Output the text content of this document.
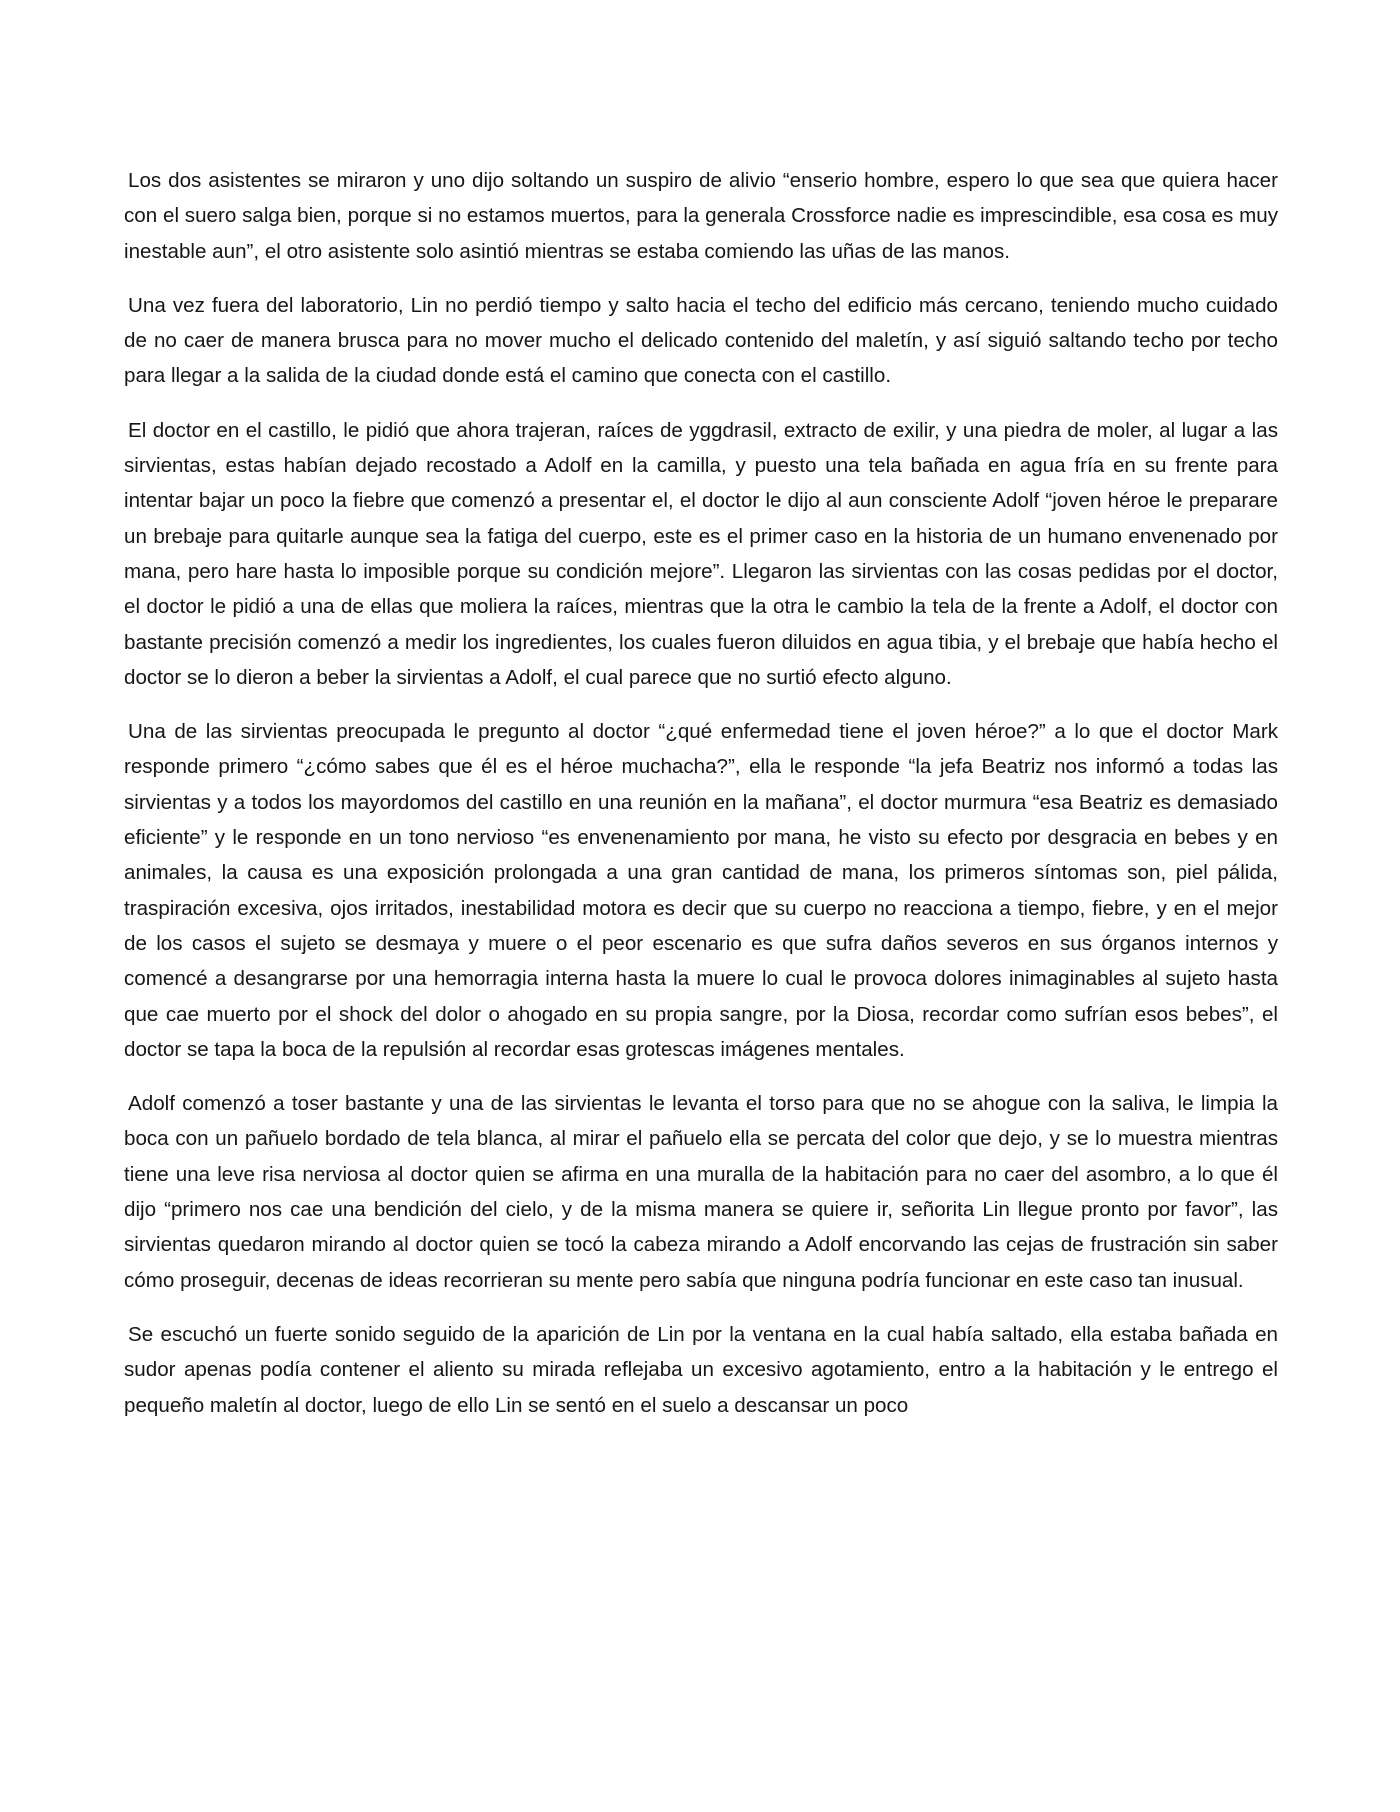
Los dos asistentes se miraron y uno dijo soltando un suspiro de alivio “enserio hombre, espero lo que sea que quiera hacer con el suero salga bien, porque si no estamos muertos, para la generala Crossforce nadie es imprescindible, esa cosa es muy inestable aun”, el otro asistente solo asintió mientras se estaba comiendo las uñas de las manos.

Una vez fuera del laboratorio, Lin no perdió tiempo y salto hacia el techo del edificio más cercano, teniendo mucho cuidado de no caer de manera brusca para no mover mucho el delicado contenido del maletín, y así siguió saltando techo por techo para llegar a la salida de la ciudad donde está el camino que conecta con el castillo.

El doctor en el castillo, le pidió que ahora trajeran, raíces de yggdrasil, extracto de exilir, y una piedra de moler, al lugar a las sirvientas, estas habían dejado recostado a Adolf en la camilla, y puesto una tela bañada en agua fría en su frente para intentar bajar un poco la fiebre que comenzó a presentar el, el doctor le dijo al aun consciente Adolf “joven héroe le preparare un brebaje para quitarle aunque sea la fatiga del cuerpo, este es el primer caso en la historia de un humano envenenado por mana, pero hare hasta lo imposible porque su condición mejore”. Llegaron las sirvientas con las cosas pedidas por el doctor, el doctor le pidió a una de ellas que moliera la raíces, mientras que la otra le cambio la tela de la frente a Adolf, el doctor con bastante precisión comenzó a medir los ingredientes, los cuales fueron diluidos en agua tibia, y el brebaje que había hecho el doctor se lo dieron a beber la sirvientas a Adolf, el cual parece que no surtió efecto alguno.

Una de las sirvientas preocupada le pregunto al doctor “¿qué enfermedad tiene el joven héroe?” a lo que el doctor Mark responde primero “¿cómo sabes que él es el héroe muchacha?”, ella le responde “la jefa Beatriz nos informó a todas las sirvientas y a todos los mayordomos del castillo en una reunión en la mañana”, el doctor murmura “esa Beatriz es demasiado eficiente” y le responde en un tono nervioso “es envenenamiento por mana, he visto su efecto por desgracia en bebes y en animales, la causa es una exposición prolongada a una gran cantidad de mana, los primeros síntomas son, piel pálida, traspiración excesiva, ojos irritados, inestabilidad motora es decir que su cuerpo no reacciona a tiempo, fiebre, y en el mejor de los casos el sujeto se desmaya y muere o el peor escenario es que sufra daños severos en sus órganos internos y comencé a desangrarse por una hemorragia interna hasta la muere lo cual le provoca dolores inimaginables al sujeto hasta que cae muerto por el shock del dolor o ahogado en su propia sangre, por la Diosa, recordar como sufrían esos bebes”, el doctor se tapa la boca de la repulsión al recordar esas grotescas imágenes mentales.

Adolf comenzó a toser bastante y una de las sirvientas le levanta el torso para que no se ahogue con la saliva, le limpia la boca con un pañuelo bordado de tela blanca, al mirar el pañuelo ella se percata del color que dejo, y se lo muestra mientras tiene una leve risa nerviosa al doctor quien se afirma en una muralla de la habitación para no caer del asombro, a lo que él dijo “primero nos cae una bendición del cielo, y de la misma manera se quiere ir, señorita Lin llegue pronto por favor”, las sirvientas quedaron mirando al doctor quien se tocó la cabeza mirando a Adolf encorvando las cejas de frustración sin saber cómo proseguir, decenas de ideas recorrieran su mente pero sabía que ninguna podría funcionar en este caso tan inusual.

Se escuchó un fuerte sonido seguido de la aparición de Lin por la ventana en la cual había saltado, ella estaba bañada en sudor apenas podía contener el aliento su mirada reflejaba un excesivo agotamiento, entro a la habitación y le entrego el pequeño maletín al doctor, luego de ello Lin se sentó en el suelo a descansar un poco
